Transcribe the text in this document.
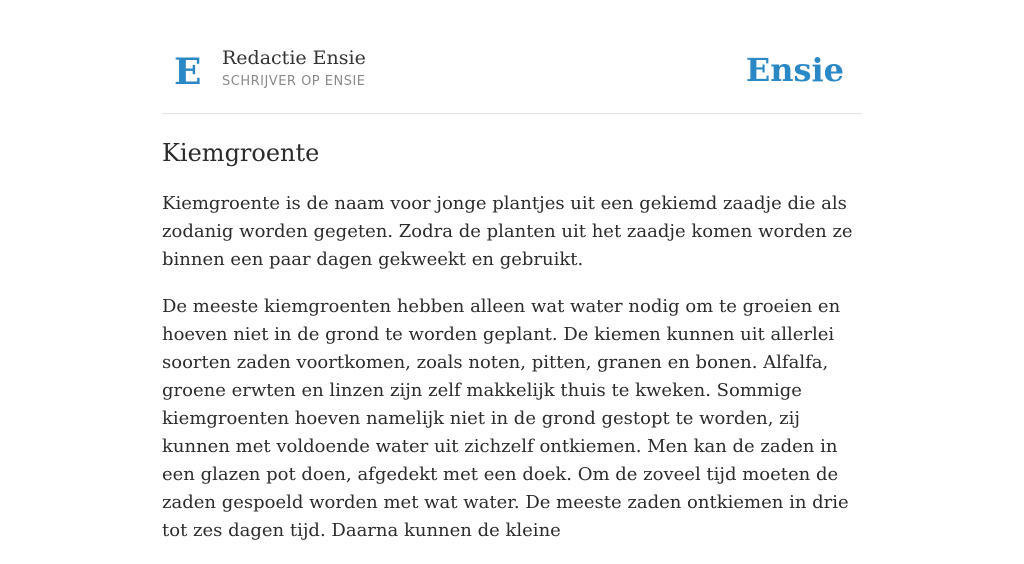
E Redactie Ensie
SCHRIJVER OP ENSIE	Ensie
Kiemgroente

Kiemgroente is de naam voor jonge plantjes uit een gekiemd zaadje die als zodanig worden gegeten. Zodra de planten uit het zaadje komen worden ze binnen een paar dagen gekweekt en gebruikt.

De meeste kiemgroenten hebben alleen wat water nodig om te groeien en hoeven niet in de grond te worden geplant. De kiemen kunnen uit allerlei soorten zaden voortkomen, zoals noten, pitten, granen en bonen. Alfalfa, groene erwten en linzen zijn zelf makkelijk thuis te kweken. Sommige kiemgroenten hoeven namelijk niet in de grond gestopt te worden, zij kunnen met voldoende water uit zichzelf ontkiemen. Men kan de zaden in een glazen pot doen, afgedekt met een doek. Om de zoveel tijd moeten de zaden gespoeld worden met wat water. De meeste zaden ontkiemen in drie tot zes dagen tijd. Daarna kunnen de kleine
